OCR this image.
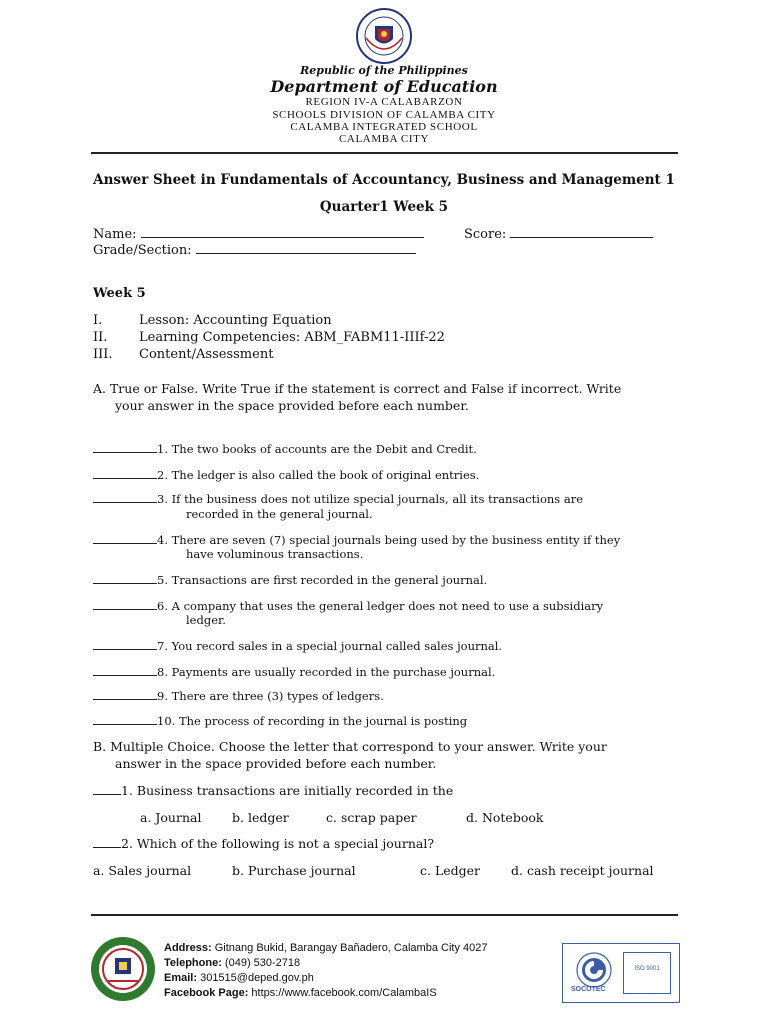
Republic of the Philippines
Department of Education
REGION IV-A CALABARZON
SCHOOLS DIVISION OF CALAMBA CITY
CALAMBA INTEGRATED SCHOOL
CALAMBA CITY
Answer Sheet in Fundamentals of Accountancy, Business and Management 1
Quarter1 Week 5
Name:	Score:
Grade/Section:
Week 5
I.	Lesson: Accounting Equation
II. Learning Competencies: ABM_FABM11-IIIf-22
III. Content/Assessment
A. True or False. Write True if the statement is correct and False if incorrect. Write
your answer in the space provided before each number.
1. The two books of accounts are the Debit and Credit.
2. The ledger is also called the book of original entries.
3. If the business does not utilize special journals, all its transactions are
recorded in the general journal.
4. There are seven (7) special journals being used by the business entity if they
have voluminous transactions.
5. Transactions are first recorded in the general journal.
6. A company that uses the general ledger does not need to use a subsidiary
ledger.
7. You record sales in a special journal called sales journal.
8. Payments are usually recorded in the purchase journal.
9. There are three (3) types of ledgers.
10. The process of recording in the journal is posting
B. Multiple Choice. Choose the letter that correspond to your answer. Write your
answer in the space provided before each number.
1. Business transactions are initially recorded in the
a. Journal b. ledger	c. scrap paper	d. Notebook
2. Which of the following is not a special journal?
a. Sales journal	b. Purchase journal	c. Ledger d. cash receipt journal
Address: Gitnang Bukid, Barangay Bañadero, Calamba City 4027
Telephone: (049) 530-2718
Email: 301515@deped.gov.ph
Facebook Page: https://www.facebook.com/CalambaIS	SOCOTEC
ISO 9001
